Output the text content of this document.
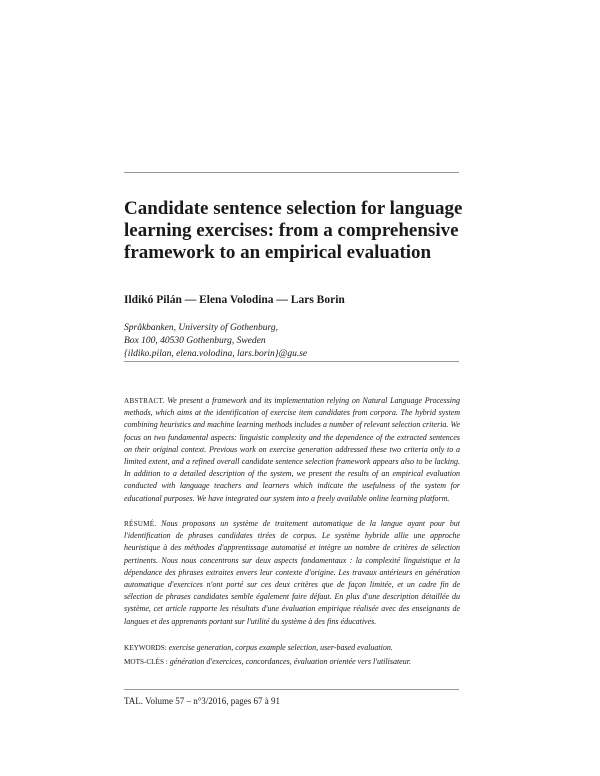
Candidate sentence selection for language
learning exercises: from a comprehensive
framework to an empirical evaluation
Ildikó Pilán — Elena Volodina — Lars Borin
Språkbanken, University of Gothenburg,
Box 100, 40530 Gothenburg, Sweden
{ildiko.pilan, elena.volodina, lars.borin}@gu.se

ABSTRACT. We present a framework and its implementation relying on Natural Language Processing methods, which aims at the identification of exercise item candidates from corpora. The hybrid system combining heuristics and machine learning methods includes a number of relevant selection criteria. We focus on two fundamental aspects: linguistic complexity and the dependence of the extracted sentences on their original context. Previous work on exercise generation addressed these two criteria only to a limited extent, and a refined overall candidate sentence selection framework appears also to be lacking. In addition to a detailed description of the system, we present the results of an empirical evaluation conducted with language teachers and learners which indicate the usefulness of the system for educational purposes. We have integrated our system into a freely available online learning platform.

RÉSUMÉ. Nous proposons un système de traitement automatique de la langue ayant pour but l'identification de phrases candidates tirées de corpus. Le système hybride allie une approche heuristique à des méthodes d'apprentissage automatisé et intègre un nombre de critères de sélection pertinents. Nous nous concentrons sur deux aspects fondamentaux : la complexité linguistique et la dépendance des phrases extraites envers leur contexte d'origine. Les travaux antérieurs en génération automatique d'exercices n'ont porté sur ces deux critères que de façon limitée, et un cadre fin de sélection de phrases candidates semble également faire défaut. En plus d'une description détaillée du système, cet article rapporte les résultats d'une évaluation empirique réalisée avec des enseignants de langues et des apprenants portant sur l'utilité du système à des fins éducatives.

KEYWORDS: exercise generation, corpus example selection, user-based evaluation.
MOTS-CLÉS : génération d'exercices, concordances, évaluation orientée vers l'utilisateur.
TAL. Volume 57 – n°3/2016, pages 67 à 91
